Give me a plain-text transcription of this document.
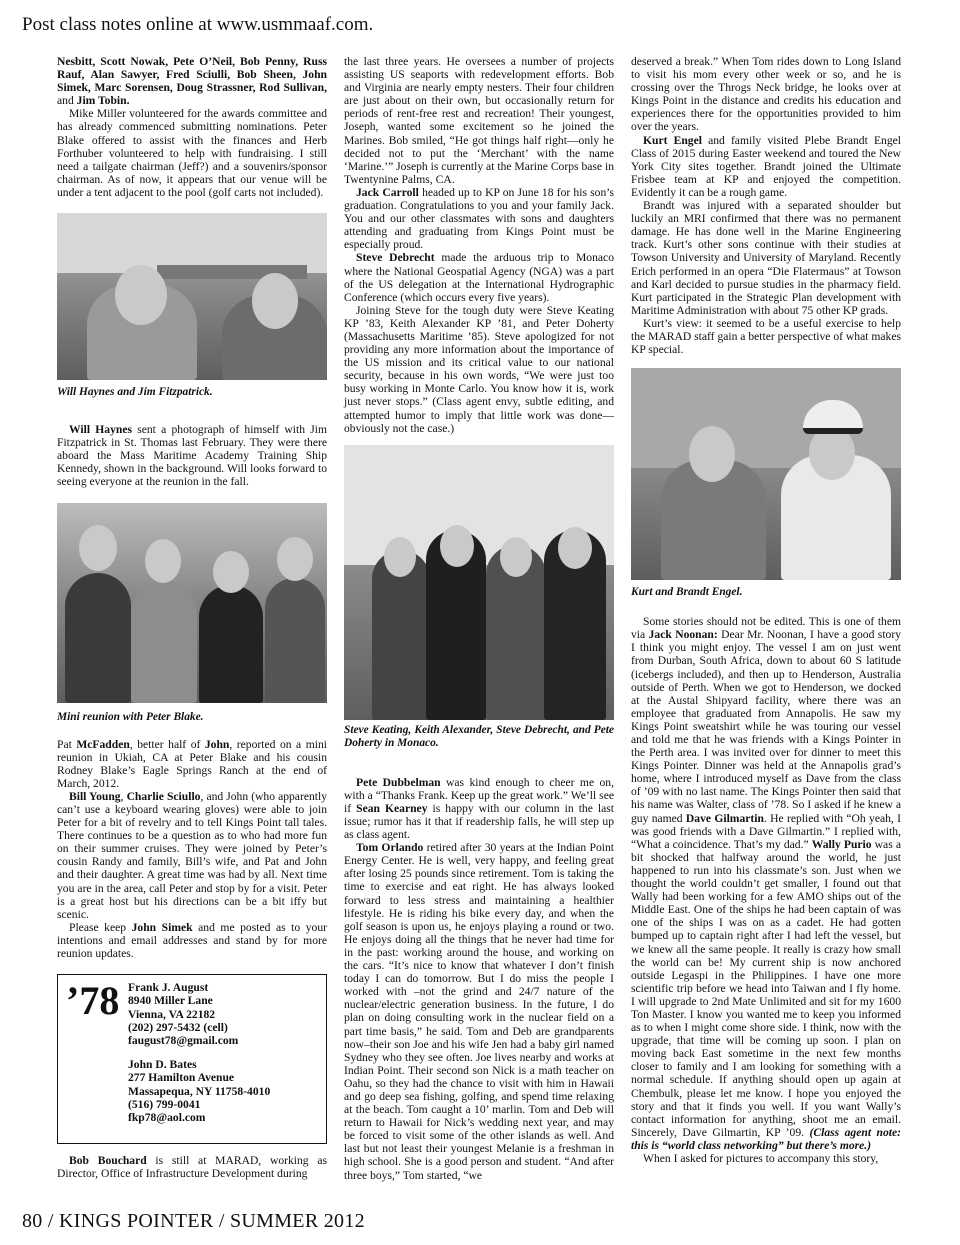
Post class notes online at www.usmmaaf.com.

Nesbitt, Scott Nowak, Pete O’Neil, Bob Penny, Russ Rauf, Alan Sawyer, Fred Sciulli, Bob Sheen, John Simek, Marc Sorensen, Doug Strassner, Rod Sullivan, and Jim Tobin.

Mike Miller volunteered for the awards committee and has already commenced submitting nominations. Peter Blake offered to assist with the finances and Herb Forthuber volunteered to help with fundraising. I still need a tailgate chairman (Jeff?) and a souvenirs/sponsor chairman. As of now, it appears that our venue will be under a tent adjacent to the pool (golf carts not included).

Will Haynes and Jim Fitzpatrick.

Will Haynes sent a photograph of himself with Jim Fitzpatrick in St. Thomas last February. They were there aboard the Mass Maritime Academy Training Ship Kennedy, shown in the background. Will looks forward to seeing everyone at the reunion in the fall.

Mini reunion with Peter Blake.

Pat McFadden, better half of John, reported on a mini reunion in Ukiah, CA at Peter Blake and his cousin Rodney Blake’s Eagle Springs Ranch at the end of March, 2012.

Bill Young, Charlie Sciullo, and John (who apparently can’t use a keyboard wearing gloves) were able to join Peter for a bit of revelry and to tell Kings Point tall tales. There continues to be a question as to who had more fun on their summer cruises. They were joined by Peter’s cousin Randy and family, Bill’s wife, and Pat and John and their daughter. A great time was had by all. Next time you are in the area, call Peter and stop by for a visit. Peter is a great host but his directions can be a bit iffy but scenic.

Please keep John Simek and me posted as to your intentions and email addresses and stand by for more reunion updates.

’78 Frank J. August
8940 Miller Lane
Vienna, VA 22182
(202) 297-5432 (cell)
faugust78@gmail.com
John D. Bates
277 Hamilton Avenue
Massapequa, NY 11758-4010
(516) 799-0041
fkp78@aol.com

Bob Bouchard is still at MARAD, working as Director, Office of Infrastructure Development during

the last three years. He oversees a number of projects assisting US seaports with redevelopment efforts. Bob and Virginia are nearly empty nesters. Their four children are just about on their own, but occasionally return for periods of rent-free rest and recreation! Their youngest, Joseph, wanted some excitement so he joined the Marines. Bob smiled, “He got things half right—only he decided not to put the ‘Merchant’ with the name ‘Marine.’” Joseph is currently at the Marine Corps base in Twentynine Palms, CA.

Jack Carroll headed up to KP on June 18 for his son’s graduation. Congratulations to you and your family Jack. You and our other classmates with sons and daughters attending and graduating from Kings Point must be especially proud.

Steve Debrecht made the arduous trip to Monaco where the National Geospatial Agency (NGA) was a part of the US delegation at the International Hydrographic Conference (which occurs every five years).

Joining Steve for the tough duty were Steve Keating KP ’83, Keith Alexander KP ’81, and Peter Doherty (Massachusetts Maritime ’85). Steve apologized for not providing any more information about the importance of the US mission and its critical value to our national security, because in his own words, “We were just too busy working in Monte Carlo. You know how it is, work just never stops.” (Class agent envy, subtle editing, and attempted humor to imply that little work was done—obviously not the case.)

Steve Keating, Keith Alexander, Steve Debrecht, and Pete Doherty in Monaco.

Pete Dubbelman was kind enough to cheer me on, with a “Thanks Frank. Keep up the great work.” We’ll see if Sean Kearney is happy with our column in the last issue; rumor has it that if readership falls, he will step up as class agent.

Tom Orlando retired after 30 years at the Indian Point Energy Center. He is well, very happy, and feeling great after losing 25 pounds since retirement. Tom is taking the time to exercise and eat right. He has always looked forward to less stress and maintaining a healthier lifestyle. He is riding his bike every day, and when the golf season is upon us, he enjoys playing a round or two. He enjoys doing all the things that he never had time for in the past: working around the house, and working on the cars. “It’s nice to know that whatever I don’t finish today I can do tomorrow. But I do miss the people I worked with –not the grind and 24/7 nature of the nuclear/electric generation business. In the future, I do plan on doing consulting work in the nuclear field on a part time basis,” he said. Tom and Deb are grandparents now–their son Joe and his wife Jen had a baby girl named Sydney who they see often. Joe lives nearby and works at Indian Point. Their second son Nick is a math teacher on Oahu, so they had the chance to visit with him in Hawaii and go deep sea fishing, golfing, and spend time relaxing at the beach. Tom caught a 10’ marlin. Tom and Deb will return to Hawaii for Nick’s wedding next year, and may be forced to visit some of the other islands as well. And last but not least their youngest Melanie is a freshman in high school. She is a good person and student. “And after three boys,” Tom started, “we

deserved a break.” When Tom rides down to Long Island to visit his mom every other week or so, and he is crossing over the Throgs Neck bridge, he looks over at Kings Point in the distance and credits his education and experiences there for the opportunities provided to him over the years.

Kurt Engel and family visited Plebe Brandt Engel Class of 2015 during Easter weekend and toured the New York City sites together. Brandt joined the Ultimate Frisbee team at KP and enjoyed the competition. Evidently it can be a rough game.

Brandt was injured with a separated shoulder but luckily an MRI confirmed that there was no permanent damage. He has done well in the Marine Engineering track. Kurt’s other sons continue with their studies at Towson University and University of Maryland. Recently Erich performed in an opera “Die Flatermaus” at Towson and Karl decided to pursue studies in the pharmacy field. Kurt participated in the Strategic Plan development with Maritime Administration with about 75 other KP grads.

Kurt’s view: it seemed to be a useful exercise to help the MARAD staff gain a better perspective of what makes KP special.

Kurt and Brandt Engel.

Some stories should not be edited. This is one of them via Jack Noonan: Dear Mr. Noonan, I have a good story I think you might enjoy. The vessel I am on just went from Durban, South Africa, down to about 60 S latitude (icebergs included), and then up to Henderson, Australia outside of Perth. When we got to Henderson, we docked at the Austal Shipyard facility, where there was an employee that graduated from Annapolis. He saw my Kings Point sweatshirt while he was touring our vessel and told me that he was friends with a Kings Pointer in the Perth area. I was invited over for dinner to meet this Kings Pointer. Dinner was held at the Annapolis grad’s home, where I introduced myself as Dave from the class of ’09 with no last name. The Kings Pointer then said that his name was Walter, class of ’78. So I asked if he knew a guy named Dave Gilmartin. He replied with “Oh yeah, I was good friends with a Dave Gilmartin.” I replied with, “What a coincidence. That’s my dad.” Wally Purio was a bit shocked that halfway around the world, he just happened to run into his classmate’s son. Just when we thought the world couldn’t get smaller, I found out that Wally had been working for a few AMO ships out of the Middle East. One of the ships he had been captain of was one of the ships I was on as a cadet. He had gotten bumped up to captain right after I had left the vessel, but we knew all the same people. It really is crazy how small the world can be! My current ship is now anchored outside Legaspi in the Philippines. I have one more scientific trip before we head into Taiwan and I fly home. I will upgrade to 2nd Mate Unlimited and sit for my 1600 Ton Master. I know you wanted me to keep you informed as to when I might come shore side. I think, now with the upgrade, that time will be coming up soon. I plan on moving back East sometime in the next few months closer to family and I am looking for something with a normal schedule. If anything should open up again at Chembulk, please let me know. I hope you enjoyed the story and that it finds you well. If you want Wally’s contact information for anything, shoot me an email. Sincerely, Dave Gilmartin, KP ’09. (Class agent note: this is “world class networking” but there’s more.)

When I asked for pictures to accompany this story,

80 / KINGS POINTER / SUMMER 2012
